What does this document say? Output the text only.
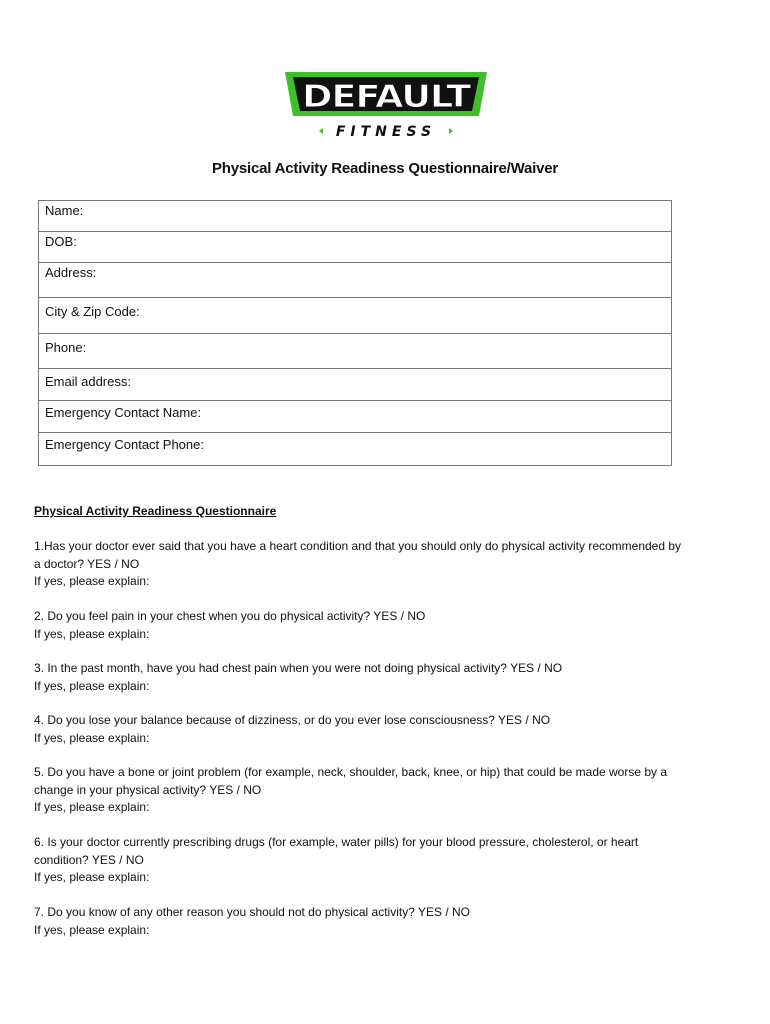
DEFAULT
FITNESS
Physical Activity Readiness Questionnaire/Waiver
Name:
DOB:
Address:
City & Zip Code:
Phone:
Email address:
Emergency Contact Name:
Emergency Contact Phone:
Physical Activity Readiness Questionnaire

1.Has your doctor ever said that you have a heart condition and that you should only do physical activity recommended by

a doctor? YES / NO

If yes, please explain:

2. Do you feel pain in your chest when you do physical activity? YES / NO

If yes, please explain:

3. In the past month, have you had chest pain when you were not doing physical activity? YES / NO

If yes, please explain:

4. Do you lose your balance because of dizziness, or do you ever lose consciousness? YES / NO

If yes, please explain:

5. Do you have a bone or joint problem (for example, neck, shoulder, back, knee, or hip) that could be made worse by a

change in your physical activity? YES / NO

If yes, please explain:

6. Is your doctor currently prescribing drugs (for example, water pills) for your blood pressure, cholesterol, or heart

condition? YES / NO

If yes, please explain:

7. Do you know of any other reason you should not do physical activity? YES / NO

If yes, please explain:
